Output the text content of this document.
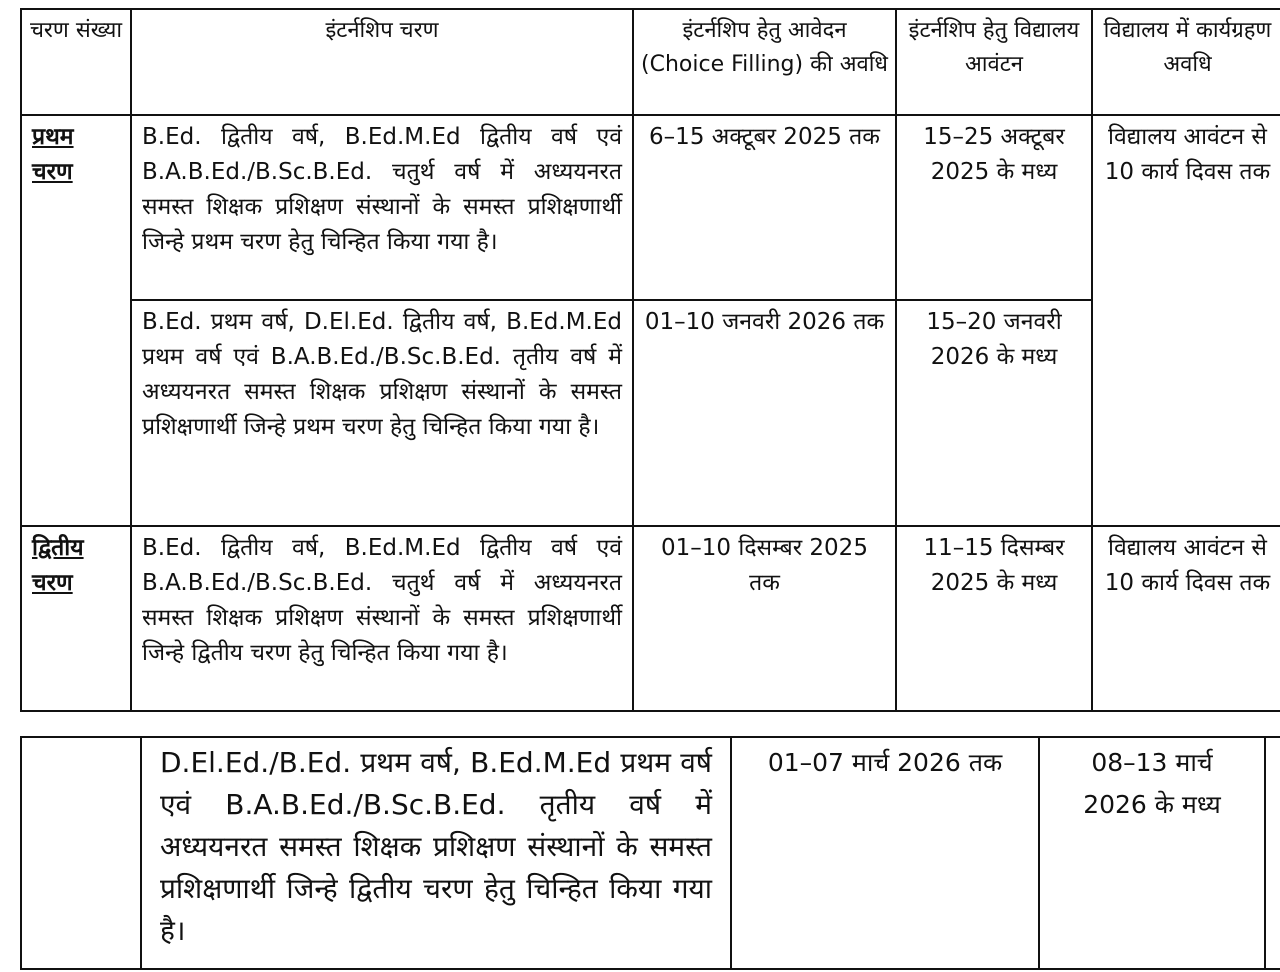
चरण संख्या	इंटर्नशिप चरण	इंटर्नशिप हेतु आवेदन (Choice Filling) की अवधि	इंटर्नशिप हेतु विद्यालय आवंटन	विद्यालय में कार्यग्रहण अवधि
प्रथम चरण	B.Ed. द्वितीय वर्ष, B.Ed.M.Ed द्वितीय वर्ष एवं B.A.B.Ed./B.Sc.B.Ed. चतुर्थ वर्ष में अध्ययनरत समस्त शिक्षक प्रशिक्षण संस्थानों के समस्त प्रशिक्षणार्थी जिन्हे प्रथम चरण हेतु चिन्हित किया गया है।	6–15 अक्टूबर 2025 तक	15–25 अक्टूबर 2025 के मध्य	विद्यालय आवंटन से 10 कार्य दिवस तक
	B.Ed. प्रथम वर्ष, D.El.Ed. द्वितीय वर्ष, B.Ed.M.Ed प्रथम वर्ष एवं B.A.B.Ed./B.Sc.B.Ed. तृतीय वर्ष में अध्ययनरत समस्त शिक्षक प्रशिक्षण संस्थानों के समस्त प्रशिक्षणार्थी जिन्हे प्रथम चरण हेतु चिन्हित किया गया है।	01–10 जनवरी 2026 तक	15–20 जनवरी 2026 के मध्य	
द्वितीय चरण	B.Ed. द्वितीय वर्ष, B.Ed.M.Ed द्वितीय वर्ष एवं B.A.B.Ed./B.Sc.B.Ed. चतुर्थ वर्ष में अध्ययनरत समस्त शिक्षक प्रशिक्षण संस्थानों के समस्त प्रशिक्षणार्थी जिन्हे द्वितीय चरण हेतु चिन्हित किया गया है।	01–10 दिसम्बर 2025 तक	11–15 दिसम्बर 2025 के मध्य	विद्यालय आवंटन से 10 कार्य दिवस तक
	D.El.Ed./B.Ed. प्रथम वर्ष, B.Ed.M.Ed प्रथम वर्ष एवं B.A.B.Ed./B.Sc.B.Ed. तृतीय वर्ष में अध्ययनरत समस्त शिक्षक प्रशिक्षण संस्थानों के समस्त प्रशिक्षणार्थी जिन्हे द्वितीय चरण हेतु चिन्हित किया गया है।	01–07 मार्च 2026 तक	08–13 मार्च 2026 के मध्य	
